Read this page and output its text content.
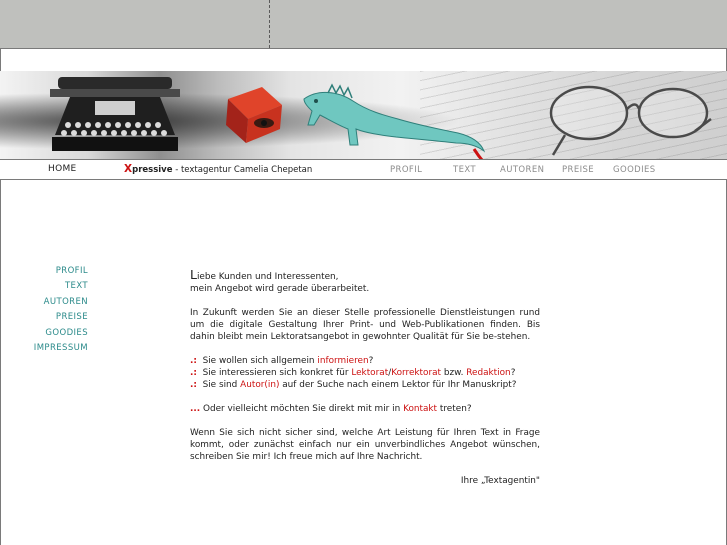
HOME	Xpressive - textagentur Camelia Chepetan	PROFIL	TEXT	AUTOREN PREISE GOODIES
PROFIL
TEXT
AUTOREN
PREISE
GOODIES
IMPRESSUM

Liebe Kunden und Interessenten,
mein Angebot wird gerade überarbeitet.

In Zukunft werden Sie an dieser Stelle professionelle Dienstleistungen rund um die digitale Gestaltung Ihrer Print- und Web-Publikationen finden. Bis dahin bleibt mein Lektoratsangebot in gewohnter Qualität für Sie be-stehen.

.: Sie wollen sich allgemein informieren?
.: Sie interessieren sich konkret für Lektorat/Korrektorat bzw. Redaktion?
.: Sie sind Autor(in) auf der Suche nach einem Lektor für Ihr Manuskript?

... Oder vielleicht möchten Sie direkt mit mir in Kontakt treten?

Wenn Sie sich nicht sicher sind, welche Art Leistung für Ihren Text in Frage kommt, oder zunächst einfach nur ein unverbindliches Angebot wünschen, schreiben Sie mir! Ich freue mich auf Ihre Nachricht.

Ihre „Textagentin"
